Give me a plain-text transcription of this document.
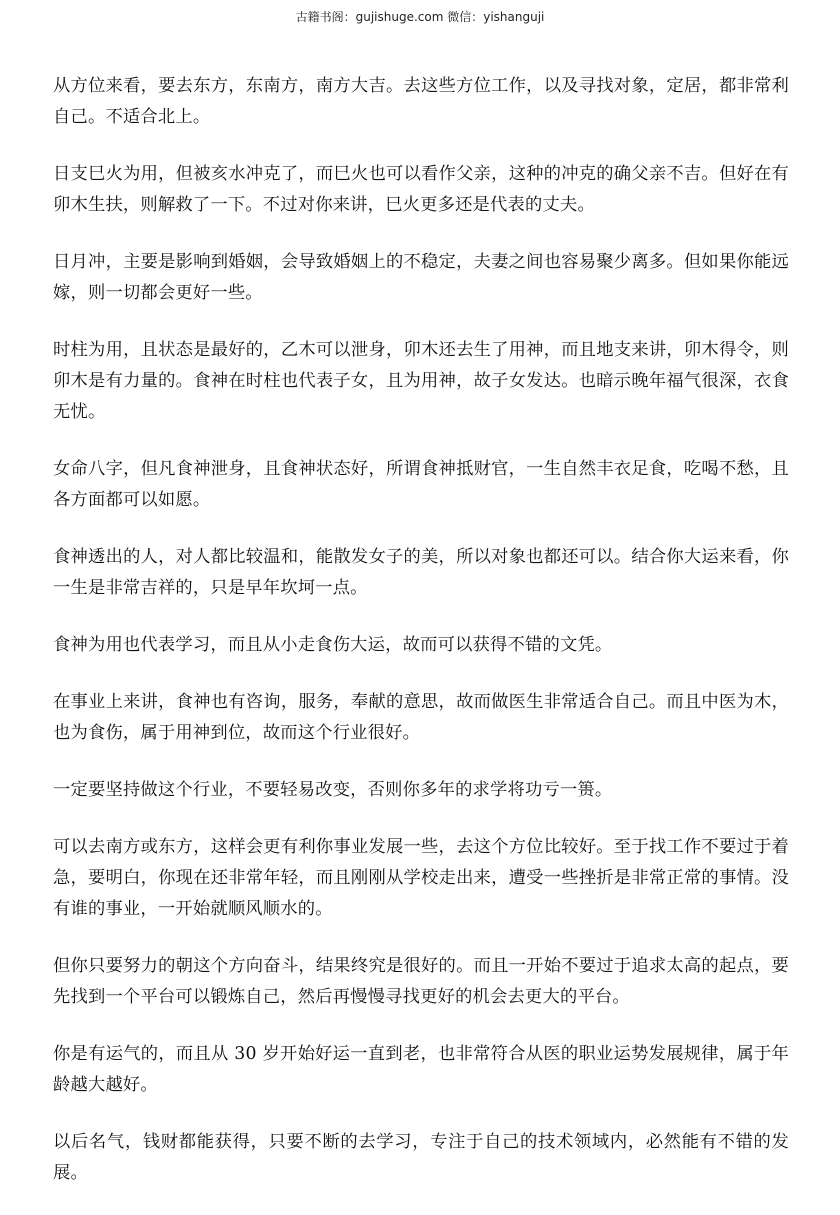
古籍书阁：gujishuge.com 微信：yishanguji

从方位来看，要去东方，东南方，南方大吉。去这些方位工作，以及寻找对象，定居，都非常利自己。不适合北上。

日支巳火为用，但被亥水冲克了，而巳火也可以看作父亲，这种的冲克的确父亲不吉。但好在有卯木生扶，则解救了一下。不过对你来讲，巳火更多还是代表的丈夫。

日月冲，主要是影响到婚姻，会导致婚姻上的不稳定，夫妻之间也容易聚少离多。但如果你能远嫁，则一切都会更好一些。

时柱为用，且状态是最好的，乙木可以泄身，卯木还去生了用神，而且地支来讲，卯木得令，则卯木是有力量的。食神在时柱也代表子女，且为用神，故子女发达。也暗示晚年福气很深，衣食无忧。

女命八字，但凡食神泄身，且食神状态好，所谓食神抵财官，一生自然丰衣足食，吃喝不愁，且各方面都可以如愿。

食神透出的人，对人都比较温和，能散发女子的美，所以对象也都还可以。结合你大运来看，你一生是非常吉祥的，只是早年坎坷一点。

食神为用也代表学习，而且从小走食伤大运，故而可以获得不错的文凭。

在事业上来讲，食神也有咨询，服务，奉献的意思，故而做医生非常适合自己。而且中医为木，也为食伤，属于用神到位，故而这个行业很好。

一定要坚持做这个行业，不要轻易改变，否则你多年的求学将功亏一篑。

可以去南方或东方，这样会更有利你事业发展一些，去这个方位比较好。至于找工作不要过于着急，要明白，你现在还非常年轻，而且刚刚从学校走出来，遭受一些挫折是非常正常的事情。没有谁的事业，一开始就顺风顺水的。

但你只要努力的朝这个方向奋斗，结果终究是很好的。而且一开始不要过于追求太高的起点，要先找到一个平台可以锻炼自己，然后再慢慢寻找更好的机会去更大的平台。

你是有运气的，而且从 30 岁开始好运一直到老，也非常符合从医的职业运势发展规律，属于年龄越大越好。

以后名气，钱财都能获得，只要不断的去学习，专注于自己的技术领域内，必然能有不错的发展。
